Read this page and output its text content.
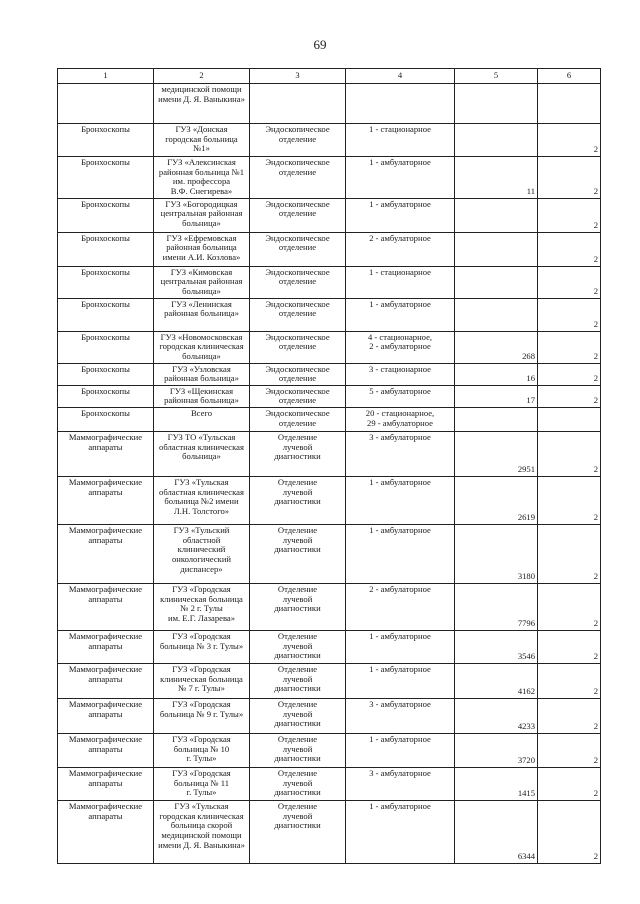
69
1	2	3	4	5	6

	медицинской помощи
имени Д. Я. Ваныкина»				

Бронхоскопы	ГУЗ «Донская
городская больница
№1»	Эндоскопическое
отделение	1 - стационарное		2

Бронхоскопы	ГУЗ «Алексинская
районная больница №1
им. профессора
В.Ф. Снегирева»	Эндоскопическое
отделение	1 - амбулаторное	11	2

Бронхоскопы	ГУЗ «Богородицкая
центральная районная
больница»	Эндоскопическое
отделение	1 - амбулаторное		2

Бронхоскопы	ГУЗ «Ефремовская
районная больница
имени А.И. Козлова»	Эндоскопическое
отделение	2 - амбулаторное		2

Бронхоскопы	ГУЗ «Кимовская
центральная районная
больница»	Эндоскопическое
отделение	1 - стационарное		2

Бронхоскопы	ГУЗ «Ленинская
районная больница»	Эндоскопическое
отделение	1 - амбулаторное		2

Бронхоскопы	ГУЗ «Новомосковская
городская клиническая
больница»	Эндоскопическое
отделение	4 - стационарное,
2 - амбулаторное	268	2

Бронхоскопы	ГУЗ «Узловская
районная больница»	Эндоскопическое
отделение	3 - стационарное	16	2

Бронхоскопы	ГУЗ «Щекинская
районная больница»	Эндоскопическое
отделение	5 - амбулаторное	17	2

Бронхоскопы	Всего	Эндоскопическое
отделение	20 - стационарное,
29 - амбулаторное		

Маммографические
аппараты	ГУЗ ТО «Тульская
областная клиническая
больница»	Отделение
лучевой
диагностики	3 - амбулаторное	2951	2

Маммографические
аппараты	ГУЗ «Тульская
областная клиническая
больница №2 имени
Л.Н. Толстого»	Отделение
лучевой
диагностики	1 - амбулаторное	2619	2

Маммографические
аппараты	ГУЗ «Тульский
областной
клинический
онкологический
диспансер»	Отделение
лучевой
диагностики	1 - амбулаторное	3180	2

Маммографические
аппараты	ГУЗ «Городская
клиническая больница
№ 2 г. Тулы
им. Е.Г. Лазарева»	Отделение
лучевой
диагностики	2 - амбулаторное	7796	2

Маммографические
аппараты	ГУЗ «Городская
больница № 3 г. Тулы»	Отделение
лучевой
диагностики	1 - амбулаторное	3546	2

Маммографические
аппараты	ГУЗ «Городская
клиническая больница
№ 7 г. Тулы»	Отделение
лучевой
диагностики	1 - амбулаторное	4162	2

Маммографические
аппараты	ГУЗ «Городская
больница № 9 г. Тулы»	Отделение
лучевой
диагностики	3 - амбулаторное	4233	2

Маммографические
аппараты	ГУЗ «Городская
больница № 10
г. Тулы»	Отделение
лучевой
диагностики	1 - амбулаторное	3720	2

Маммографические
аппараты	ГУЗ «Городская
больница № 11
г. Тулы»	Отделение
лучевой
диагностики	3 - амбулаторное	1415	2

Маммографические
аппараты	ГУЗ «Тульская
городская клиническая
больница скорой
медицинской помощи
имени Д. Я. Ваныкина»	Отделение
лучевой
диагностики	1 - амбулаторное	6344	2
